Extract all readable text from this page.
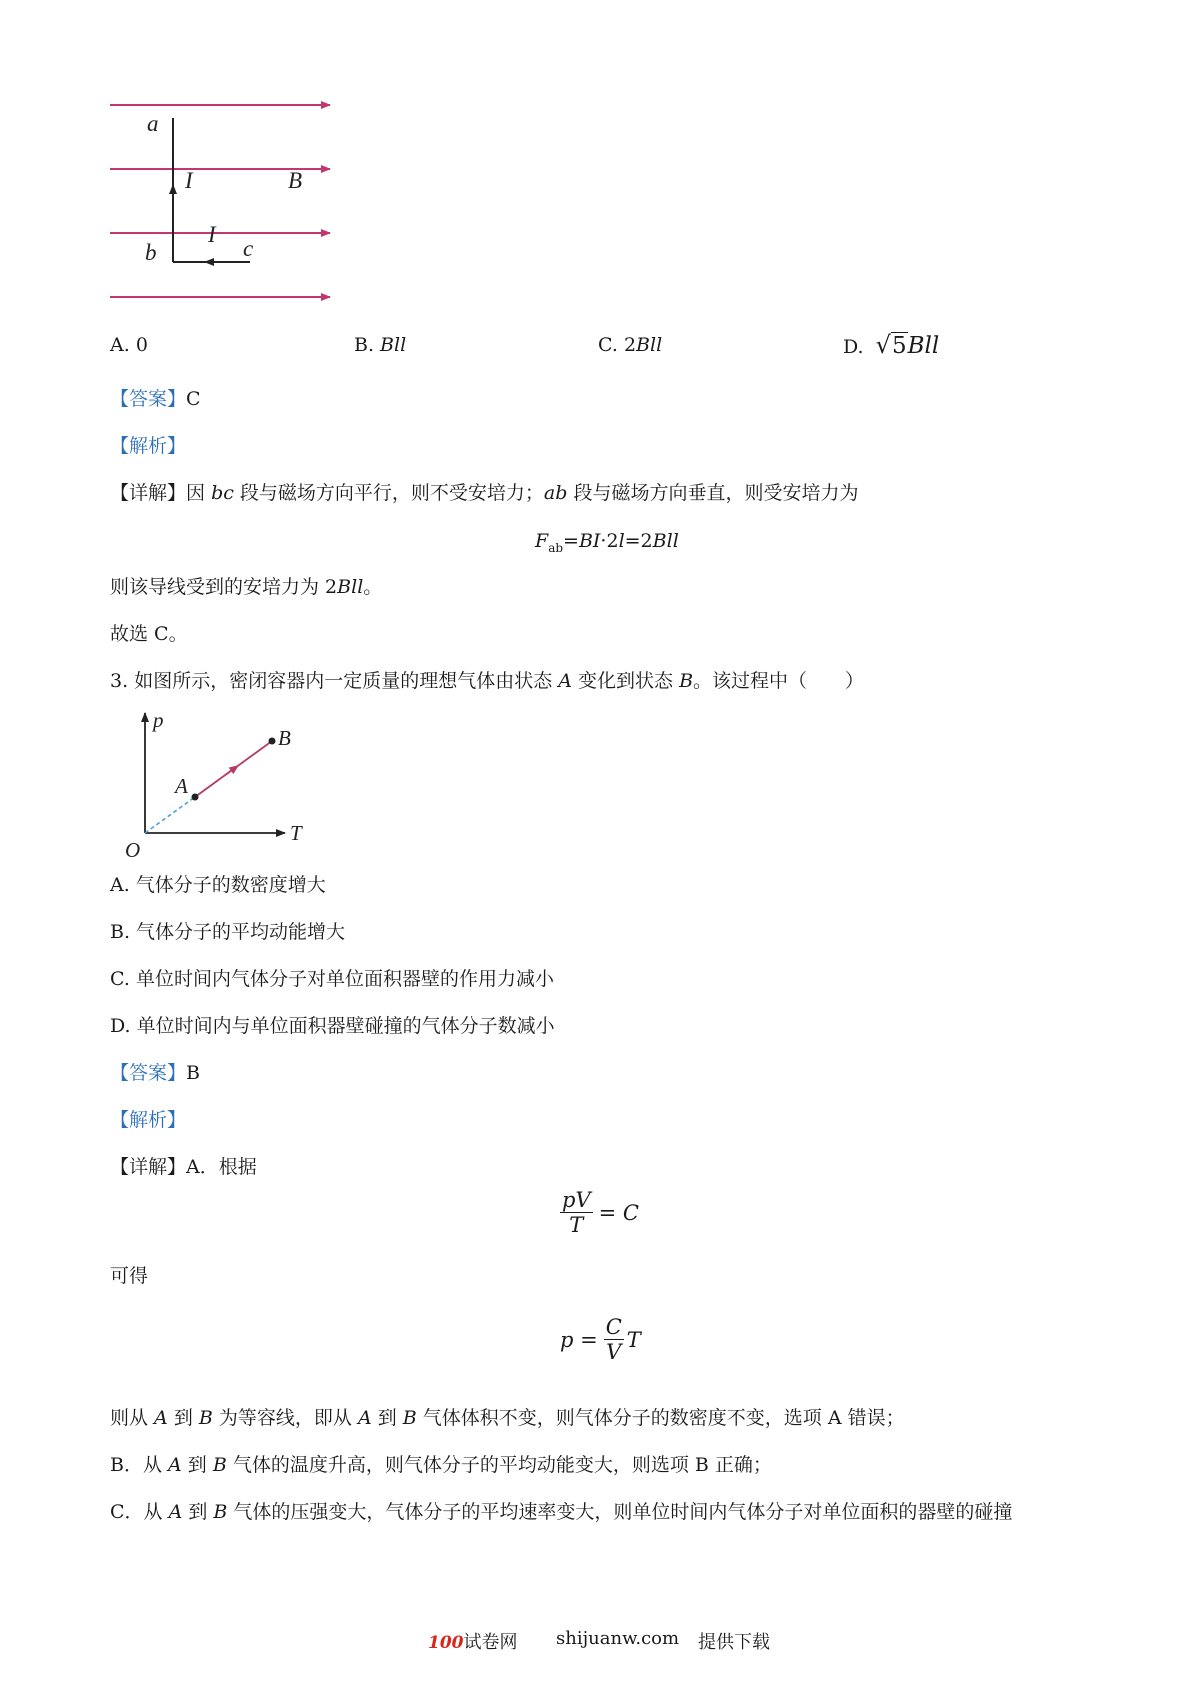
a
I	B
I
b	c
A. 0	B. Bll	C. 2Bll	D. √5Bll
【答案】C
【解析】
【详解】因 bc 段与磁场方向平行，则不受安培力；ab 段与磁场方向垂直，则受安培力为
$F_{ab}=BI\cdot 2l=2Bll$
则该导线受到的安培力为 2Bll。
故选 C。
3. 如图所示，密闭容器内一定质量的理想气体由状态 A 变化到状态 B。该过程中（　　）
p
T
O
A
B
A. 气体分子的数密度增大
B. 气体分子的平均动能增大
C. 单位时间内气体分子对单位面积器壁的作用力减小
D. 单位时间内与单位面积器壁碰撞的气体分子数减小
【答案】B
【解析】
【详解】A．根据
pV
T
= C
可得
p =
C
V
T
则从 A 到 B 为等容线，即从 A 到 B 气体体积不变，则气体分子的数密度不变，选项 A 错误；
B．从 A 到 B 气体的温度升高，则气体分子的平均动能变大，则选项 B 正确；
C．从 A 到 B 气体的压强变大，气体分子的平均速率变大，则单位时间内气体分子对单位面积的器壁的碰撞
100试卷网 shijuanw.com 提供下载
